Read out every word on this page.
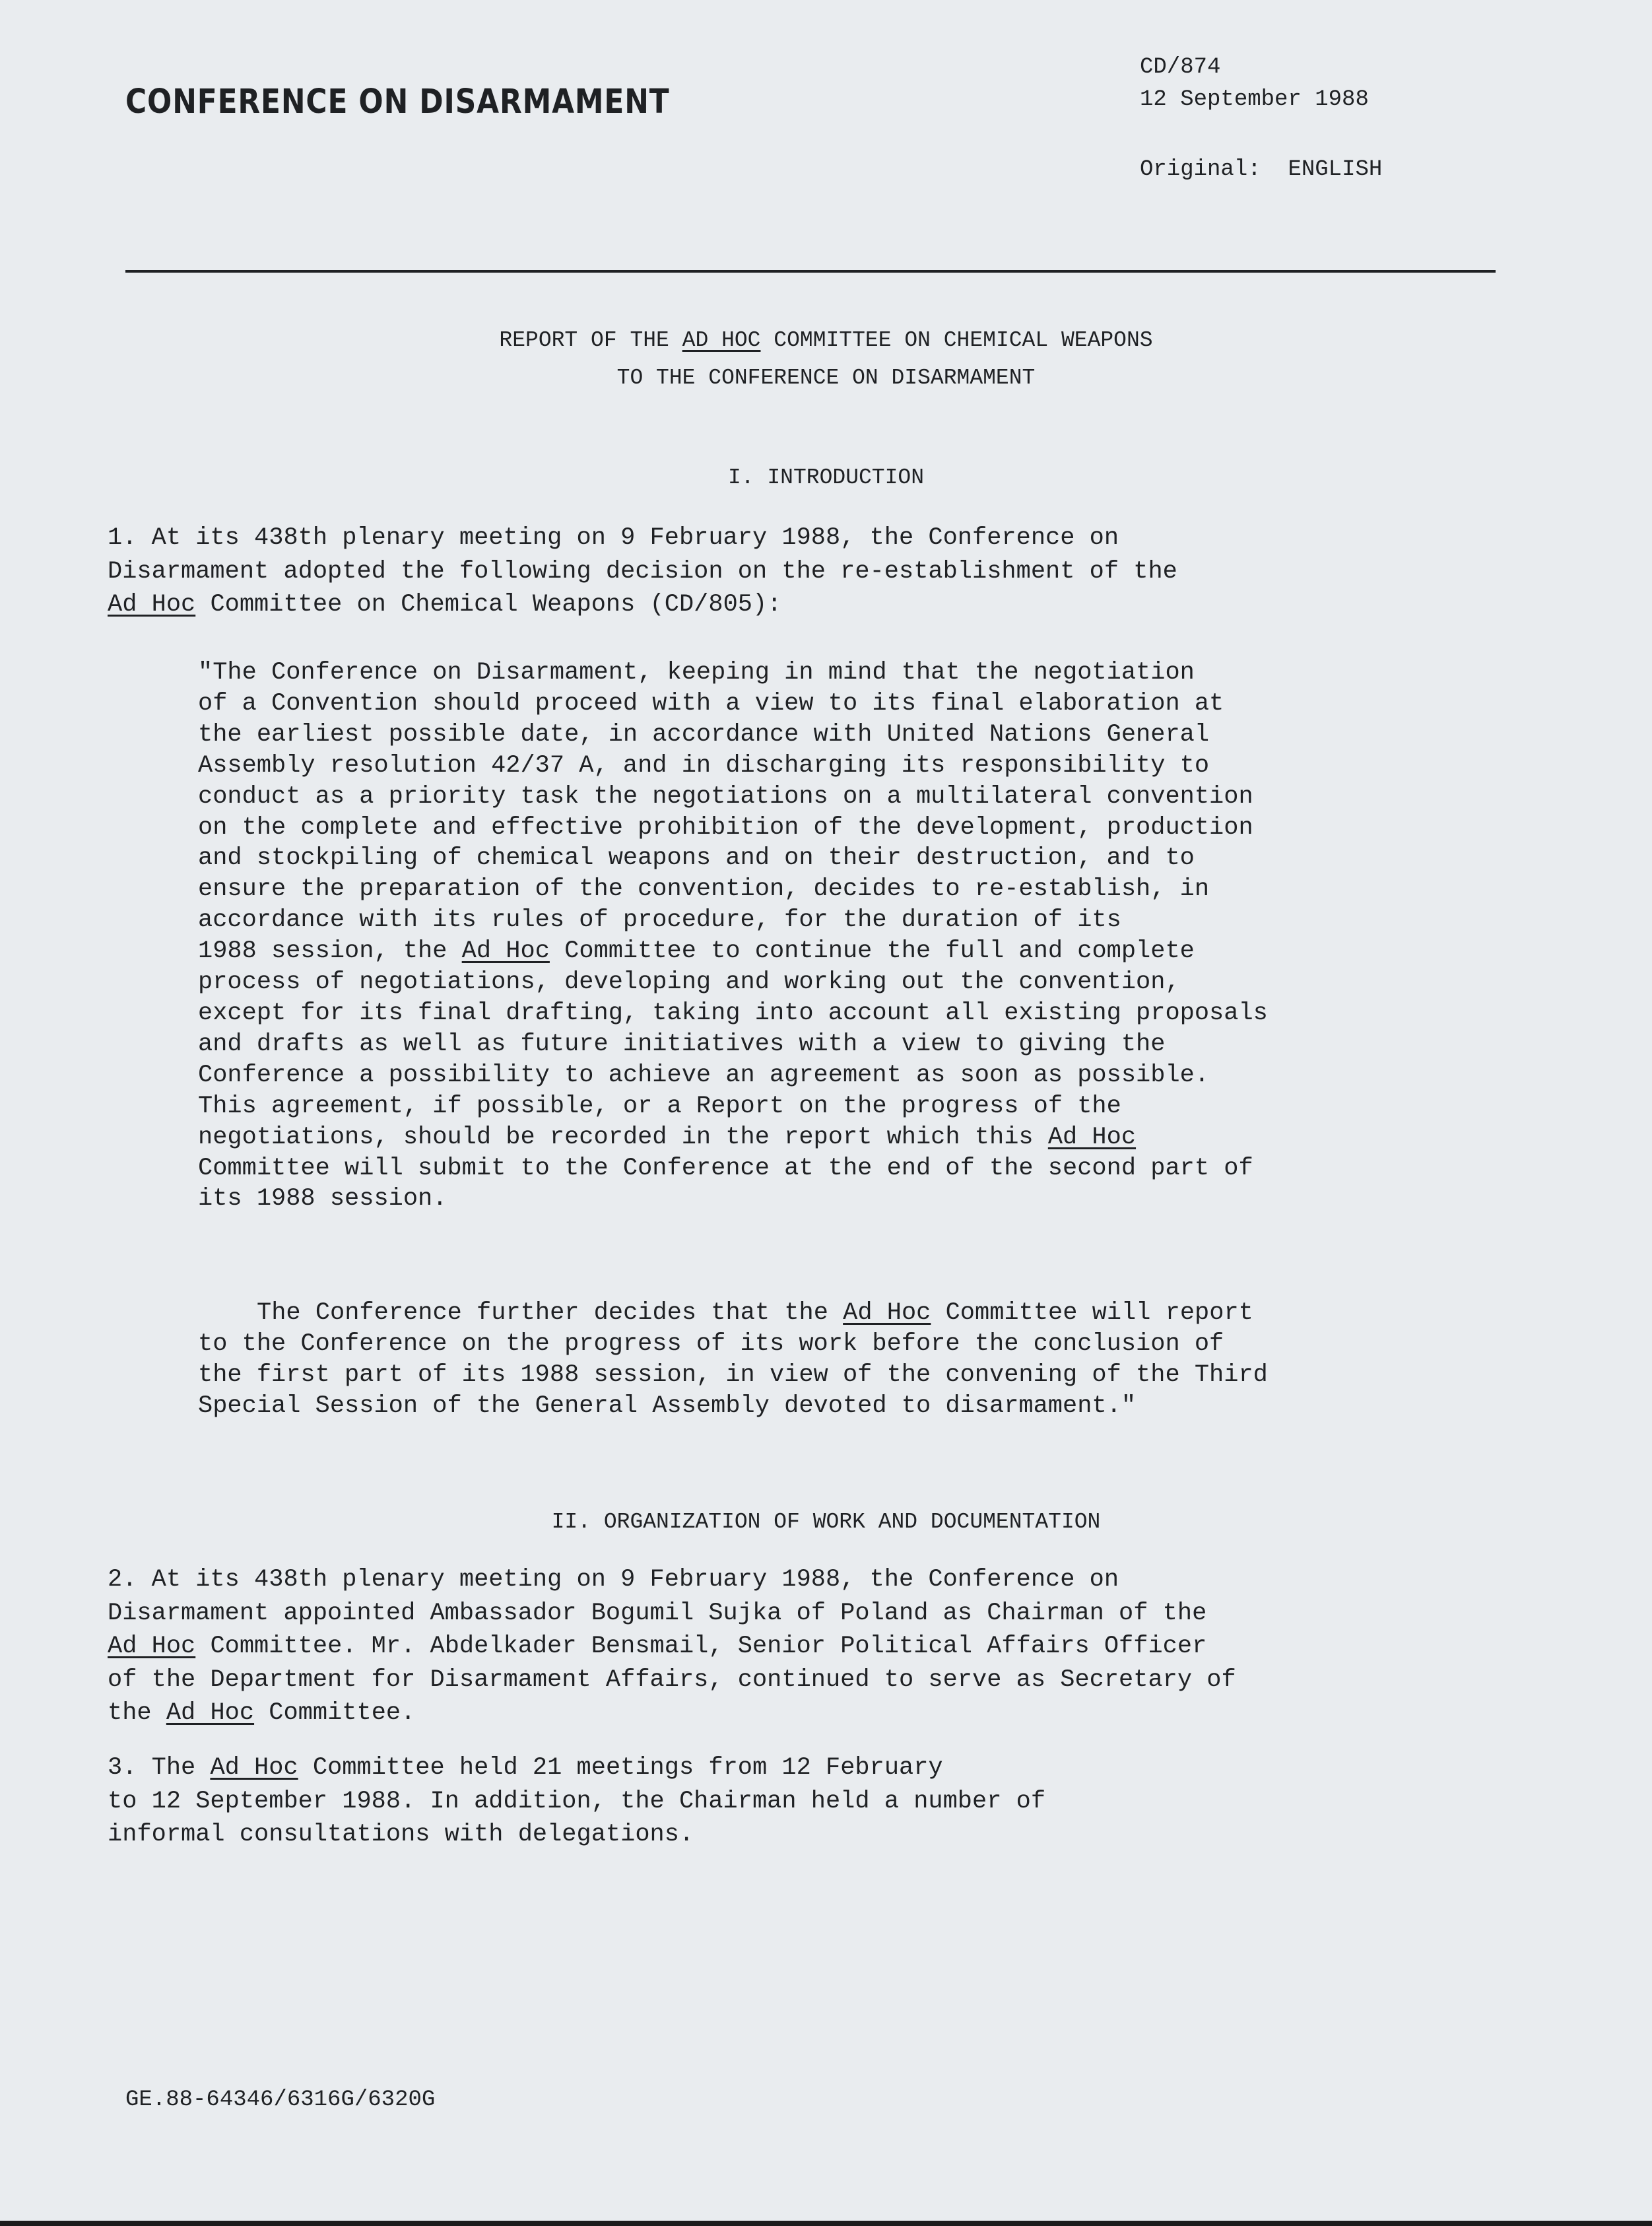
CONFERENCE ON DISARMAMENT
CD/874
12 September 1988
Original: ENGLISH
REPORT OF THE AD HOC COMMITTEE ON CHEMICAL WEAPONS
TO THE CONFERENCE ON DISARMAMENT
I. INTRODUCTION
1. At its 438th plenary meeting on 9 February 1988, the Conference on
Disarmament adopted the following decision on the re-establishment of the
Ad Hoc Committee on Chemical Weapons (CD/805):
"The Conference on Disarmament, keeping in mind that the negotiation
of a Convention should proceed with a view to its final elaboration at
the earliest possible date, in accordance with United Nations General
Assembly resolution 42/37 A, and in discharging its responsibility to
conduct as a priority task the negotiations on a multilateral convention
on the complete and effective prohibition of the development, production
and stockpiling of chemical weapons and on their destruction, and to
ensure the preparation of the convention, decides to re-establish, in
accordance with its rules of procedure, for the duration of its
1988 session, the Ad Hoc Committee to continue the full and complete
process of negotiations, developing and working out the convention,
except for its final drafting, taking into account all existing proposals
and drafts as well as future initiatives with a view to giving the
Conference a possibility to achieve an agreement as soon as possible.
This agreement, if possible, or a Report on the progress of the
negotiations, should be recorded in the report which this Ad Hoc
Committee will submit to the Conference at the end of the second part of
its 1988 session.
The Conference further decides that the Ad Hoc Committee will report
to the Conference on the progress of its work before the conclusion of
the first part of its 1988 session, in view of the convening of the Third
Special Session of the General Assembly devoted to disarmament."
II. ORGANIZATION OF WORK AND DOCUMENTATION
2. At its 438th plenary meeting on 9 February 1988, the Conference on
Disarmament appointed Ambassador Bogumil Sujka of Poland as Chairman of the
Ad Hoc Committee. Mr. Abdelkader Bensmail, Senior Political Affairs Officer
of the Department for Disarmament Affairs, continued to serve as Secretary of
the Ad Hoc Committee.
3. The Ad Hoc Committee held 21 meetings from 12 February
to 12 September 1988. In addition, the Chairman held a number of
informal consultations with delegations.
GE.88-64346/6316G/6320G
